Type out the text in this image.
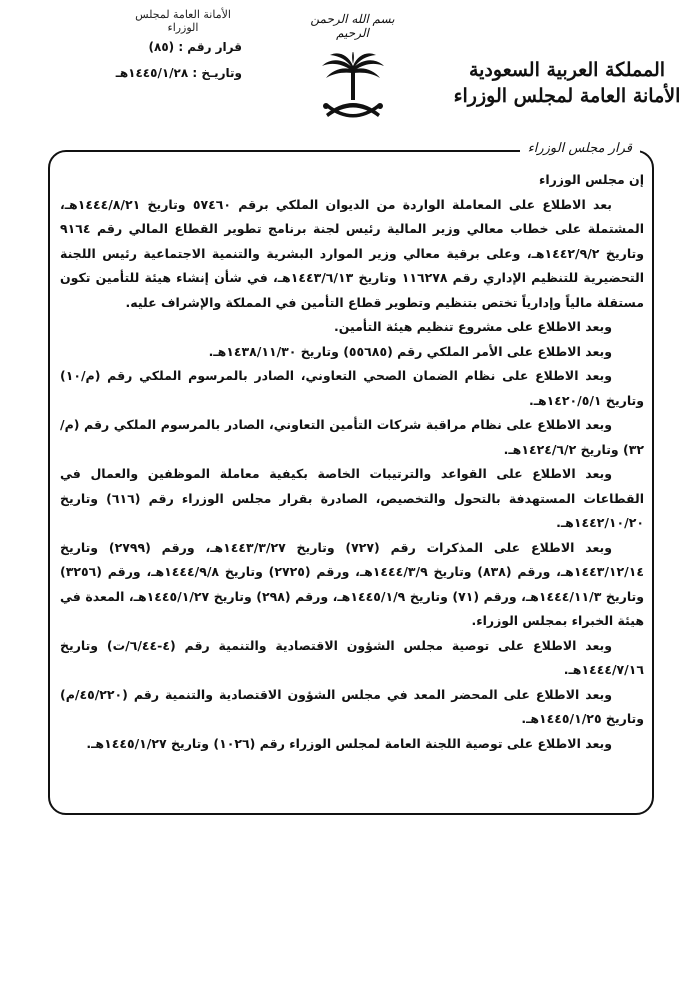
الأمانة العامة لمجلس الوزراء
قرار رقم : (٨٥)
وتاريـخ : ١٤٤٥/١/٢٨هـ
بسم الله الرحمن الرحيم
المملكة العربية السعودية
الأمانة العامة لمجلس الوزراء
قرار مجلس الوزراء

إن مجلس الوزراء

بعد الاطلاع على المعاملة الواردة من الديوان الملكي برقم ٥٧٤٦٠ وتاريخ ١٤٤٤/٨/٢١هـ، المشتملة على خطاب معالي وزير المالية رئيس لجنة برنامج تطوير القطاع المالي رقم ٩١٦٤ وتاريخ ١٤٤٢/٩/٢هـ، وعلى برقية معالي وزير الموارد البشرية والتنمية الاجتماعية رئيس اللجنة التحضيرية للتنظيم الإداري رقم ١١٦٢٧٨ وتاريخ ١٤٤٣/٦/١٣هـ، في شأن إنشاء هيئة للتأمين تكون مستقلة مالياً وإدارياً تختص بتنظيم وتطوير قطاع التأمين في المملكة والإشراف عليه.

وبعد الاطلاع على مشروع تنظيم هيئة التأمين.

وبعد الاطلاع على الأمر الملكي رقم (٥٥٦٨٥) وتاريخ ١٤٣٨/١١/٣٠هـ.

وبعد الاطلاع على نظام الضمان الصحي التعاوني، الصادر بالمرسوم الملكي رقم (م/١٠) وتاريخ ١٤٢٠/٥/١هـ.

وبعد الاطلاع على نظام مراقبة شركات التأمين التعاوني، الصادر بالمرسوم الملكي رقم (م/٣٢) وتاريخ ١٤٢٤/٦/٢هـ.

وبعد الاطلاع على القواعد والترتيبات الخاصة بكيفية معاملة الموظفين والعمال في القطاعات المستهدفة بالتحول والتخصيص، الصادرة بقرار مجلس الوزراء رقم (٦١٦) وتاريخ ١٤٤٢/١٠/٢٠هـ.

وبعد الاطلاع على المذكرات رقم (٧٢٧) وتاريخ ١٤٤٣/٣/٢٧هـ، ورقم (٢٧٩٩) وتاريخ ١٤٤٣/١٢/١٤هـ، ورقم (٨٣٨) وتاريخ ١٤٤٤/٣/٩هـ، ورقم (٢٧٢٥) وتاريخ ١٤٤٤/٩/٨هـ، ورقم (٣٢٥٦) وتاريخ ١٤٤٤/١١/٣هـ، ورقم (٧١) وتاريخ ١٤٤٥/١/٩هـ، ورقم (٢٩٨) وتاريخ ١٤٤٥/١/٢٧هـ، المعدة في هيئة الخبراء بمجلس الوزراء.

وبعد الاطلاع على توصية مجلس الشؤون الاقتصادية والتنمية رقم (٤-٦/٤٤/ت) وتاريخ ١٤٤٤/٧/١٦هـ.

وبعد الاطلاع على المحضر المعد في مجلس الشؤون الاقتصادية والتنمية رقم (٤٥/٢٢٠/م) وتاريخ ١٤٤٥/١/٢٥هـ.

وبعد الاطلاع على توصية اللجنة العامة لمجلس الوزراء رقم (١٠٢٦) وتاريخ ١٤٤٥/١/٢٧هـ.
